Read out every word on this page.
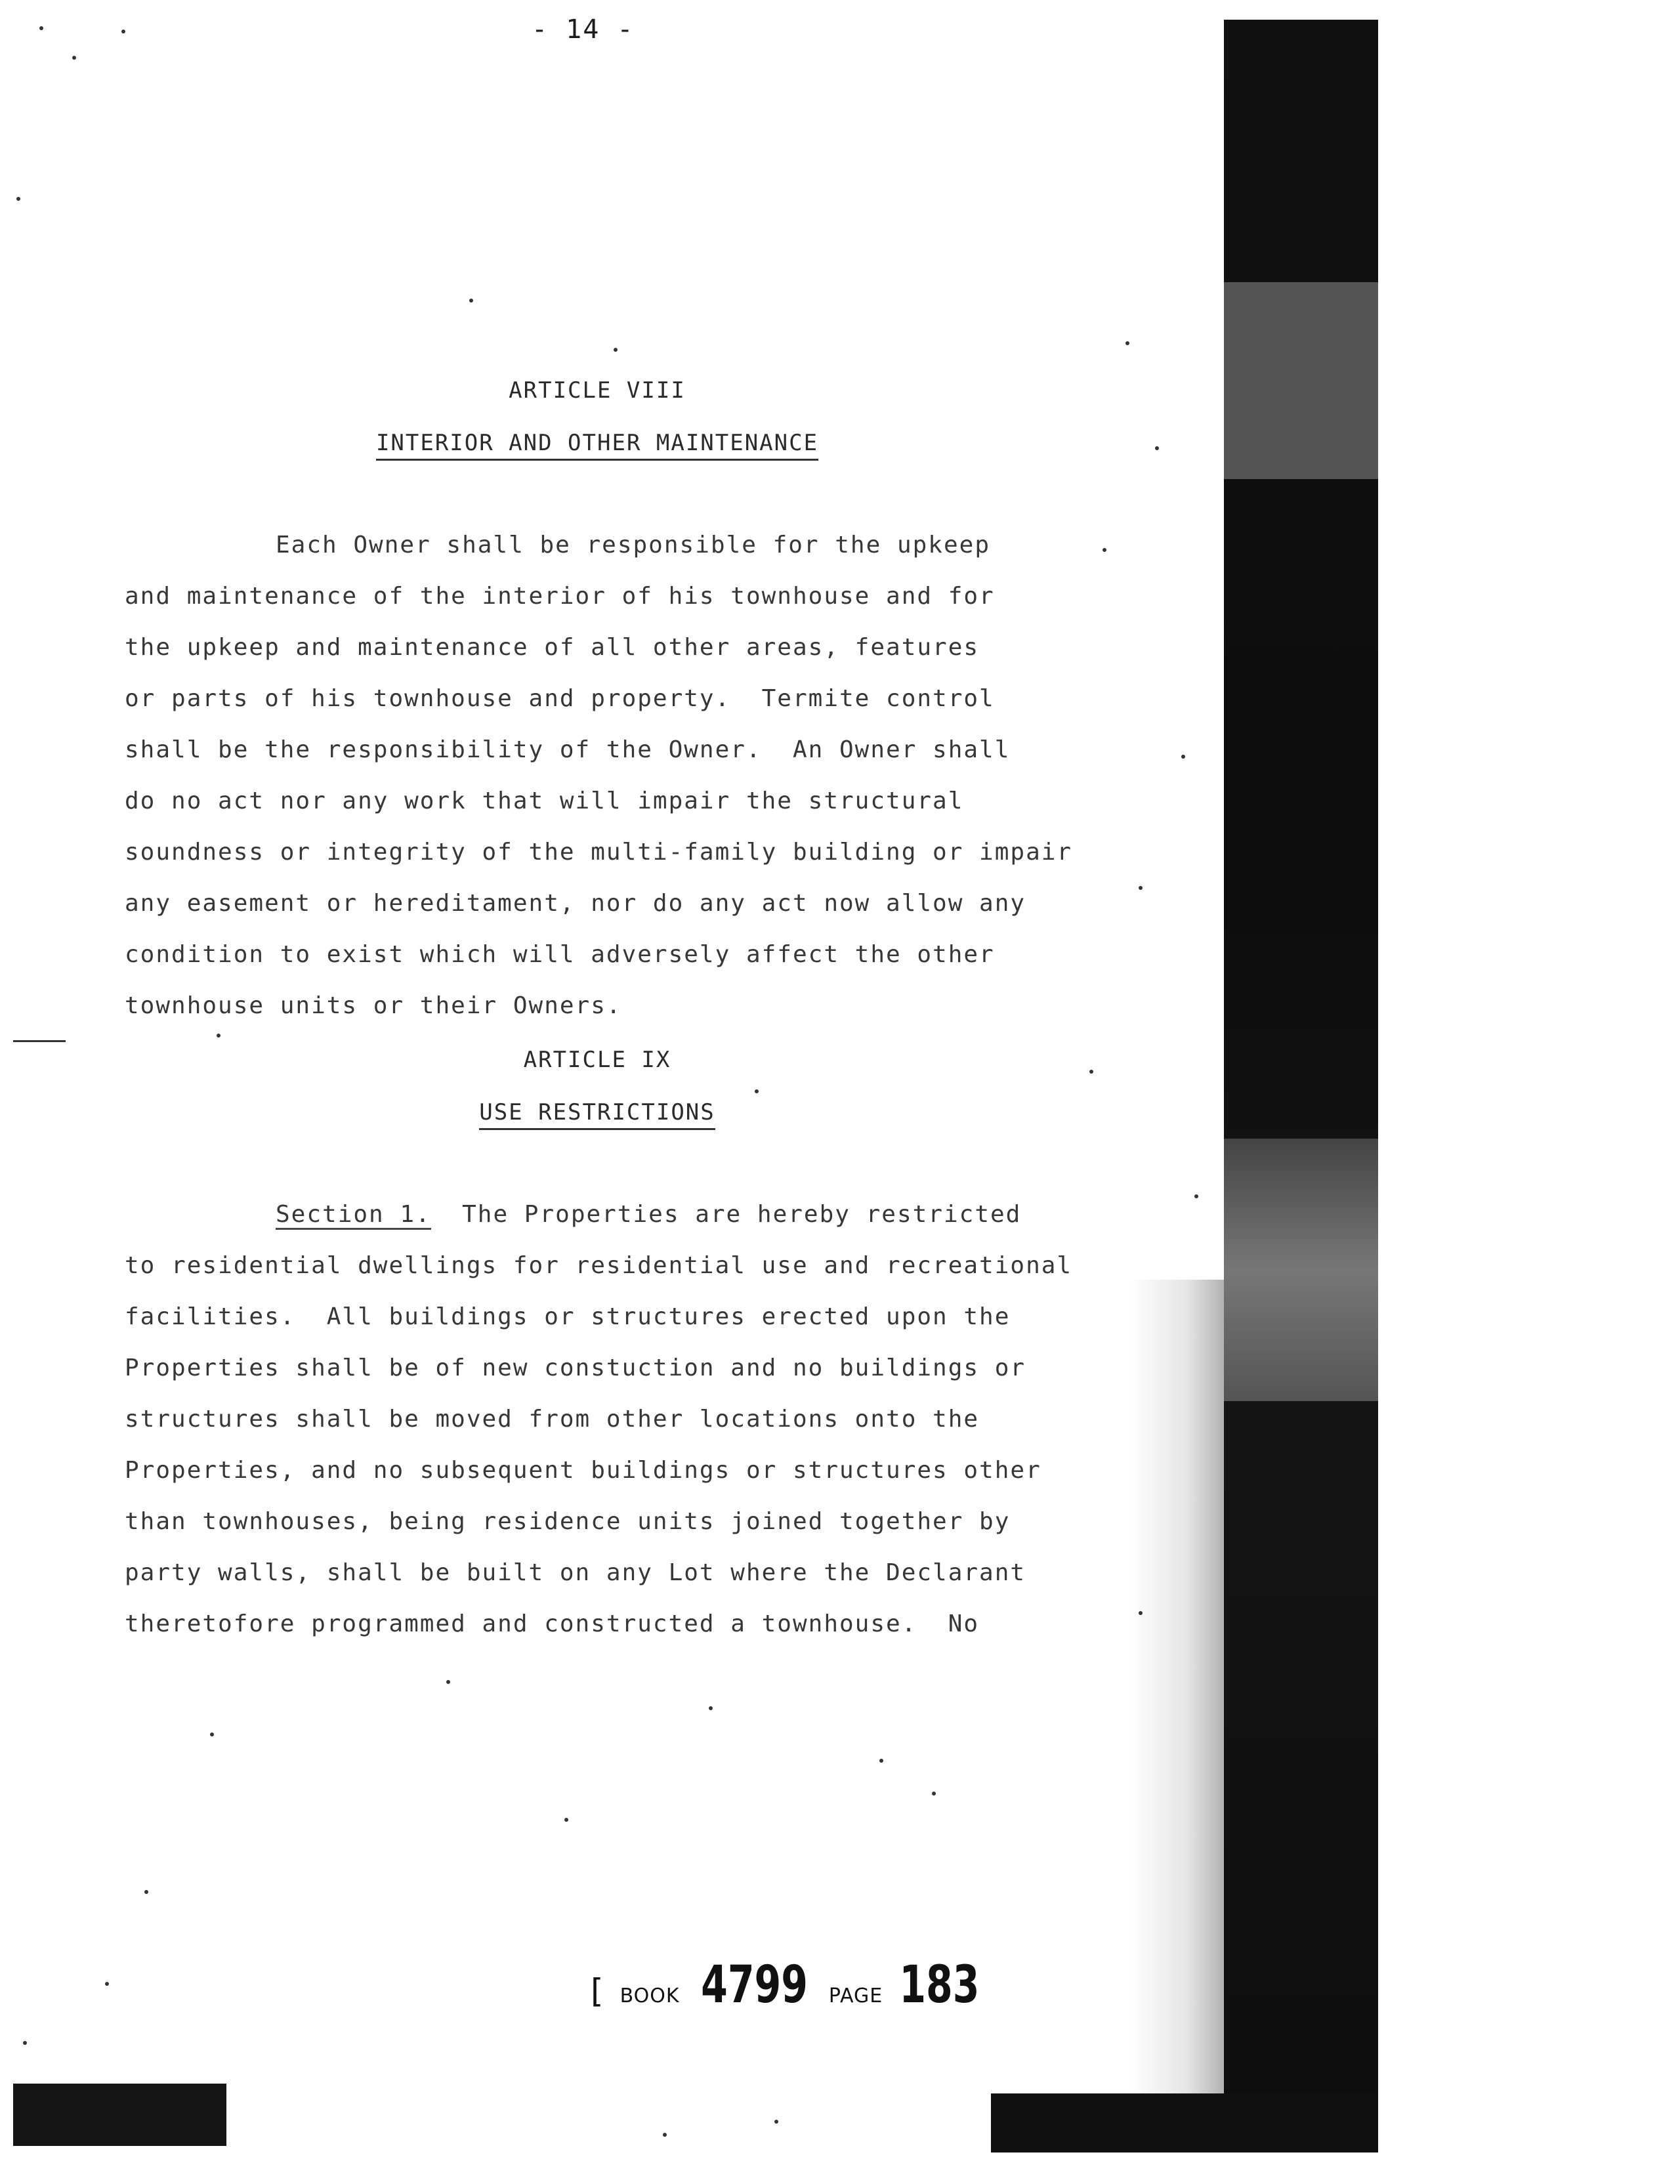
- 14 -
ARTICLE VIII
INTERIOR AND OTHER MAINTENANCE
Each Owner shall be responsible for the upkeep
and maintenance of the interior of his townhouse and for
the upkeep and maintenance of all other areas, features
or parts of his townhouse and property.  Termite control
shall be the responsibility of the Owner.  An Owner shall
do no act nor any work that will impair the structural
soundness or integrity of the multi-family building or impair
any easement or hereditament, nor do any act now allow any
condition to exist which will adversely affect the other
townhouse units or their Owners.
ARTICLE IX
USE RESTRICTIONS
Section 1.  The Properties are hereby restricted
to residential dwellings for residential use and recreational
facilities.  All buildings or structures erected upon the
Properties shall be of new constuction and no buildings or
structures shall be moved from other locations onto the
Properties, and no subsequent buildings or structures other
than townhouses, being residence units joined together by
party walls, shall be built on any Lot where the Declarant
theretofore programmed and constructed a townhouse.  No
[ BOOK 4799 PAGE 183
